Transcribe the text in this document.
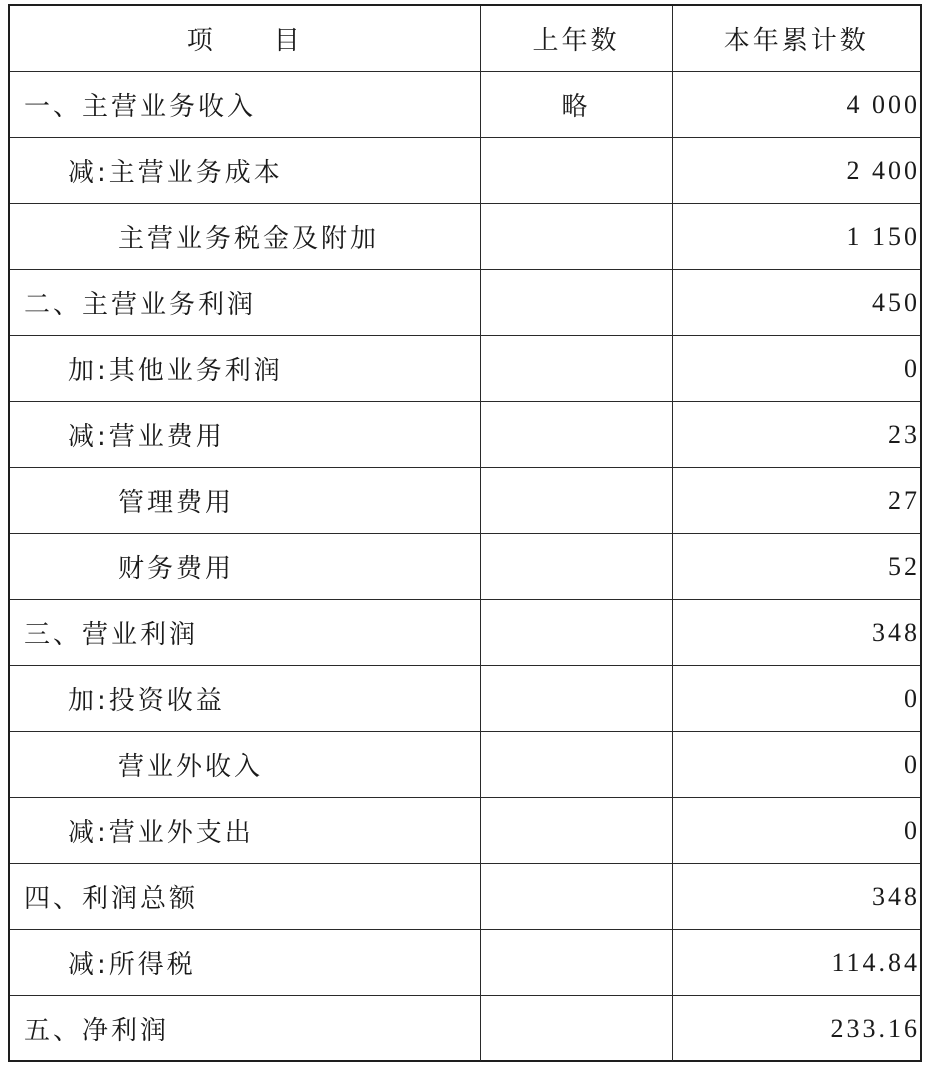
项　　目	上年数	本年累计数
一、主营业务收入	略	4 000
减:主营业务成本		2 400
主营业务税金及附加		1 150
二、主营业务利润		450
加:其他业务利润		0
减:营业费用		23
管理费用		27
财务费用		52
三、营业利润		348
加:投资收益		0
营业外收入		0
减:营业外支出		0
四、利润总额		348
减:所得税		114.84
五、净利润		233.16
